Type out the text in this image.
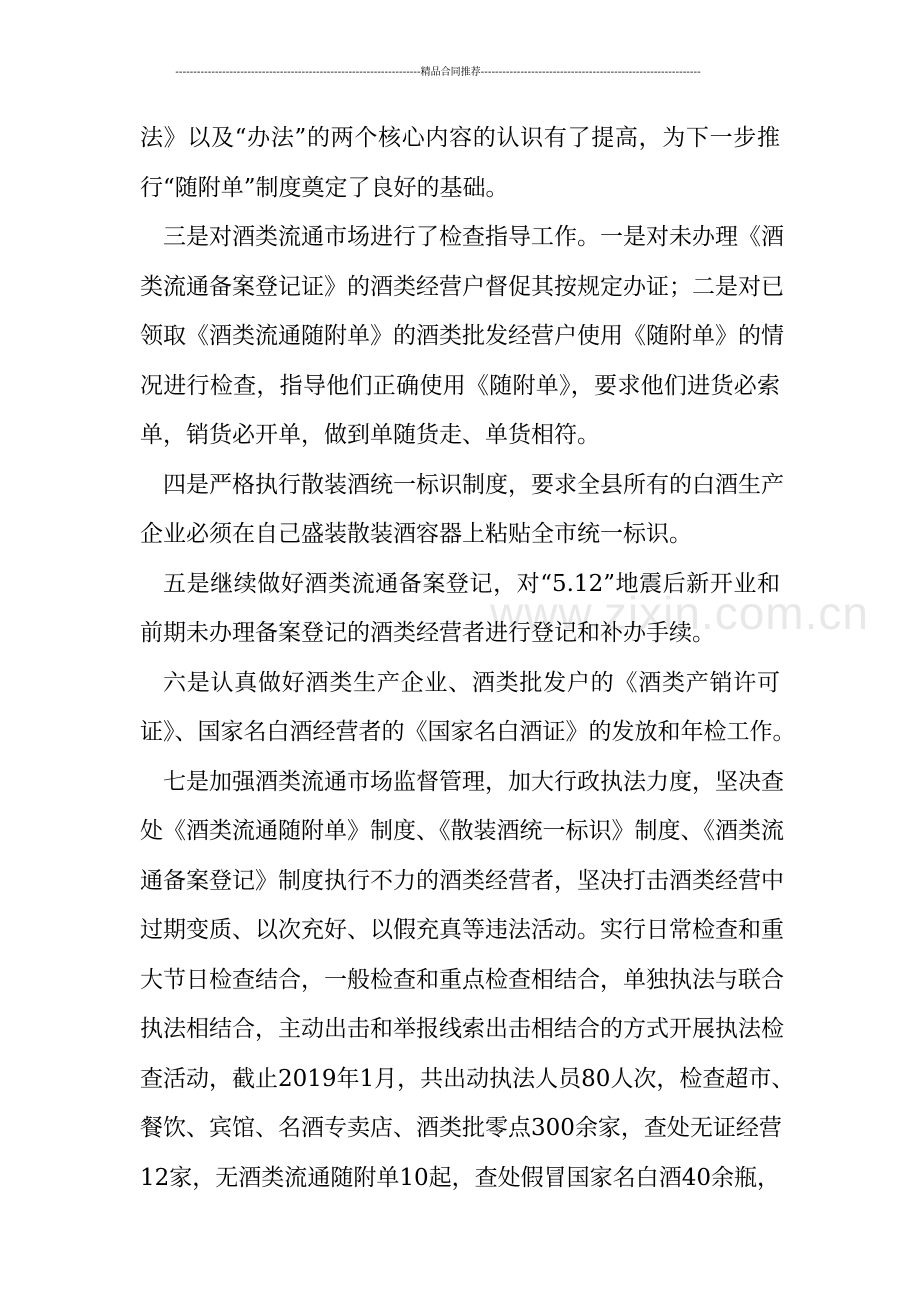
--------------------------------------------------------------------精品合同推荐-------------------------------------------------------------
www.zixin.com.cn
法》以及“办法”的两个核心内容的认识有了提高，为下一步推
行“随附单”制度奠定了良好的基础。
三是对酒类流通市场进行了检查指导工作。一是对未办理《酒
类流通备案登记证》的酒类经营户督促其按规定办证；二是对已
领取《酒类流通随附单》的酒类批发经营户使用《随附单》的情
况进行检查，指导他们正确使用《随附单》，要求他们进货必索
单，销货必开单，做到单随货走、单货相符。
四是严格执行散装酒统一标识制度，要求全县所有的白酒生产
企业必须在自己盛装散装酒容器上粘贴全市统一标识。
五是继续做好酒类流通备案登记，对“5.12”地震后新开业和
前期未办理备案登记的酒类经营者进行登记和补办手续。
六是认真做好酒类生产企业、酒类批发户的《酒类产销许可
证》、国家名白酒经营者的《国家名白酒证》的发放和年检工作。
七是加强酒类流通市场监督管理，加大行政执法力度，坚决查
处《酒类流通随附单》制度、《散装酒统一标识》制度、《酒类流
通备案登记》制度执行不力的酒类经营者，坚决打击酒类经营中
过期变质、以次充好、以假充真等违法活动。实行日常检查和重
大节日检查结合，一般检查和重点检查相结合，单独执法与联合
执法相结合，主动出击和举报线索出击相结合的方式开展执法检
查活动，截止2019年1月，共出动执法人员80人次，检查超市、
餐饮、宾馆、名酒专卖店、酒类批零点300余家，查处无证经营
12家，无酒类流通随附单10起，查处假冒国家名白酒40余瓶，
